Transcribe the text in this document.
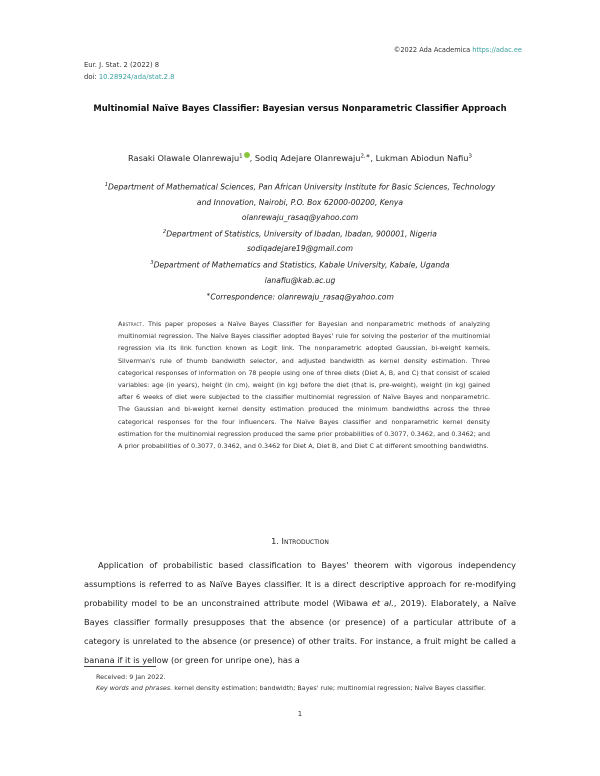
©2022 Ada Academica https://adac.ee
Eur. J. Stat. 2 (2022) 8
doi: 10.28924/ada/stat.2.8
Multinomial Naïve Bayes Classifier: Bayesian versus Nonparametric Classifier Approach
Rasaki Olawale Olanrewaju$^1$ , Sodiq Adejare Olanrewaju$^{2,∗}$, Lukman Abiodun Nafiu$^3$
$^1$Department of Mathematical Sciences, Pan African University Institute for Basic Sciences, Technology
and Innovation, Nairobi, P.O. Box 62000-00200, Kenya
olanrewaju_rasaq@yahoo.com
$^2$Department of Statistics, University of Ibadan, Ibadan, 900001, Nigeria
sodiqadejare19@gmail.com
$^3$Department of Mathematics and Statistics, Kabale University, Kabale, Uganda
lanafiu@kab.ac.ug
∗Correspondence: olanrewaju_rasaq@yahoo.com
Abstract. This paper proposes a Naïve Bayes Classifier for Bayesian and nonparametric methods of analyzing multinomial regression. The Naïve Bayes classifier adopted Bayes' rule for solving the posterior of the multinomial regression via its link function known as Logit link. The nonparametric adopted Gaussian, bi-weight kernels, Silverman's rule of thumb bandwidth selector, and adjusted bandwidth as kernel density estimation. Three categorical responses of information on 78 people using one of three diets (Diet A, B, and C) that consist of scaled variables: age (in years), height (in cm), weight (in kg) before the diet (that is, pre-weight), weight (in kg) gained after 6 weeks of diet were subjected to the classifier multinomial regression of Naïve Bayes and nonparametric. The Gaussian and bi-weight kernel density estimation produced the minimum bandwidths across the three categorical responses for the four influencers. The Naïve Bayes classifier and nonparametric kernel density estimation for the multinomial regression produced the same prior probabilities of 0.3077, 0.3462, and 0.3462; and A prior probabilities of 0.3077, 0.3462, and 0.3462 for Diet A, Diet B, and Diet C at different smoothing bandwidths.
1. Introduction
Application of probabilistic based classification to Bayes' theorem with vigorous independency assumptions is referred to as Naïve Bayes classifier. It is a direct descriptive approach for re-modifying probability model to be an unconstrained attribute model (Wibawa et al., 2019). Elaborately, a Naïve Bayes classifier formally presupposes that the absence (or presence) of a particular attribute of a category is unrelated to the absence (or presence) of other traits. For instance, a fruit might be called a banana if it is yellow (or green for unripe one), has a
Received: 9 Jan 2022.
Key words and phrases. kernel density estimation; bandwidth; Bayes' rule; multinomial regression; Naïve Bayes classifier.
1
